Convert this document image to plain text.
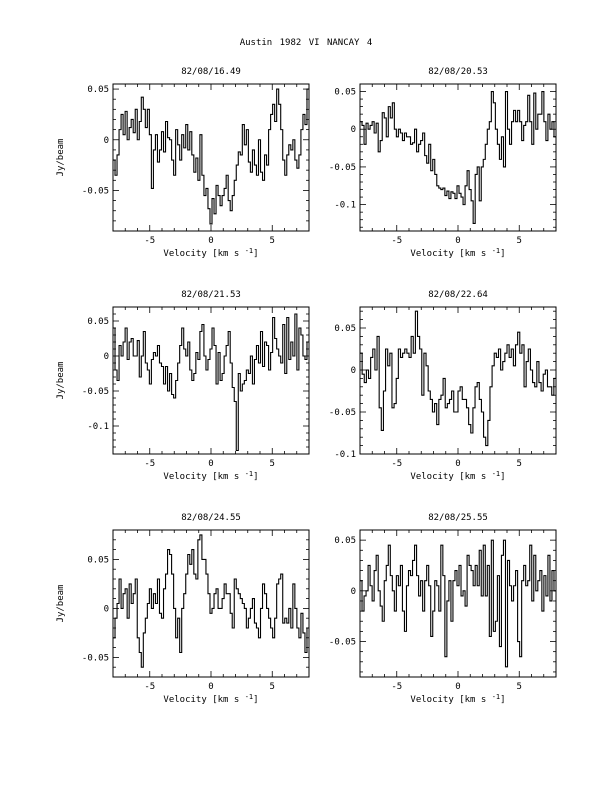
Austin 1982 VI NANCAY 4
-5	0	5
0.05
0
-0.05
82/08/16.49
Velocity [km s $^{-1}$]
Jy/beam
-5	0	5
0.05
0
-0.05
-0.1
82/08/20.53
Velocity [km s $^{-1}$]
-5	0	5
0.05
0
-0.05
-0.1
82/08/21.53
Velocity [km s $^{-1}$]
Jy/beam
-5	0	5
0.05
0
-0.05
-0.1
82/08/22.64
Velocity [km s $^{-1}$]
-5	0	5
0.05
0
-0.05
82/08/24.55
Velocity [km s $^{-1}$]
Jy/beam
-5	0	5
0.05
0
-0.05
82/08/25.55
Velocity [km s $^{-1}$]
